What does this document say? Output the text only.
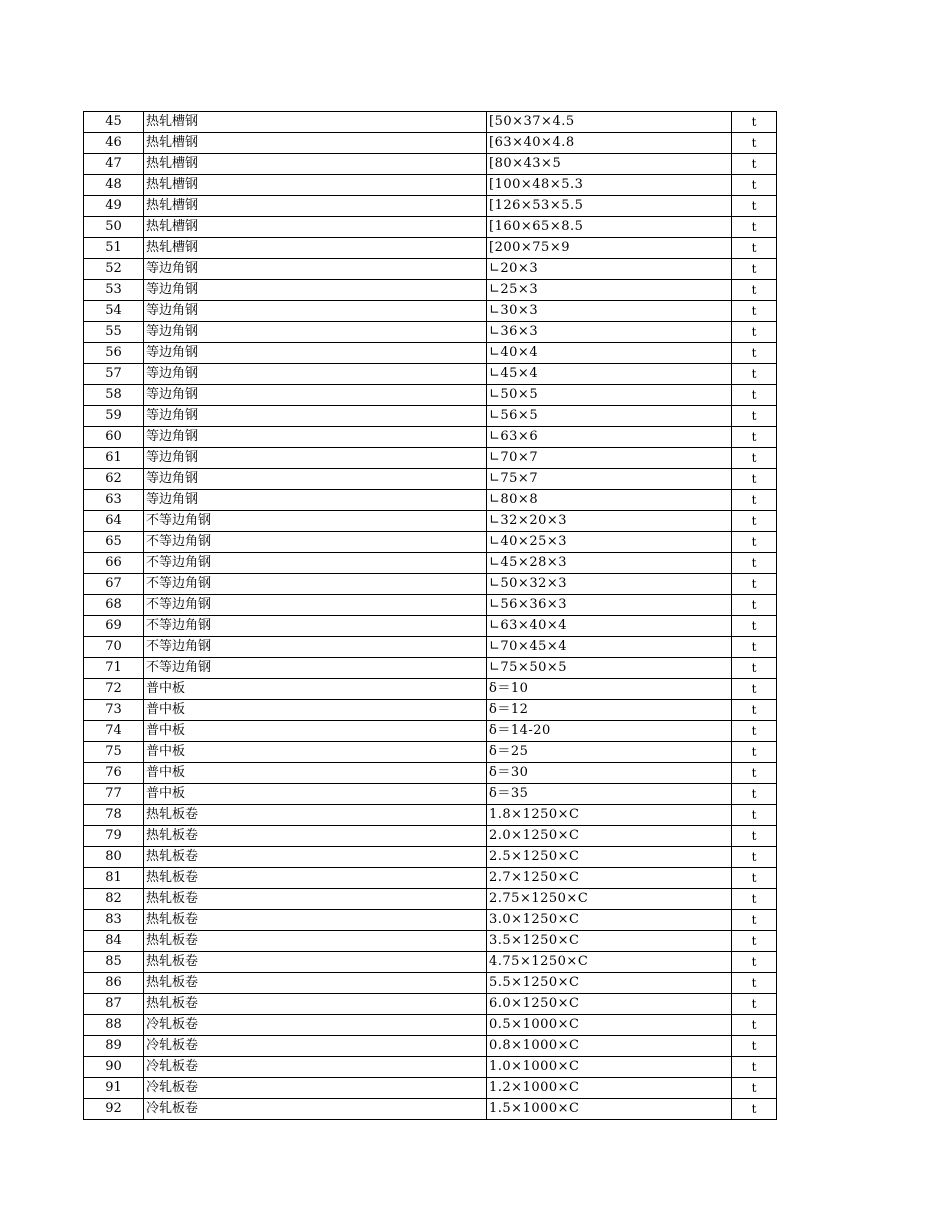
45	热轧槽钢	[50×37×4.5	t
46	热轧槽钢	[63×40×4.8	t
47	热轧槽钢	[80×43×5	t
48	热轧槽钢	[100×48×5.3	t
49	热轧槽钢	[126×53×5.5	t
50	热轧槽钢	[160×65×8.5	t
51	热轧槽钢	[200×75×9	t
52	等边角钢	∟20×3	t
53	等边角钢	∟25×3	t
54	等边角钢	∟30×3	t
55	等边角钢	∟36×3	t
56	等边角钢	∟40×4	t
57	等边角钢	∟45×4	t
58	等边角钢	∟50×5	t
59	等边角钢	∟56×5	t
60	等边角钢	∟63×6	t
61	等边角钢	∟70×7	t
62	等边角钢	∟75×7	t
63	等边角钢	∟80×8	t
64	不等边角钢	∟32×20×3	t
65	不等边角钢	∟40×25×3	t
66	不等边角钢	∟45×28×3	t
67	不等边角钢	∟50×32×3	t
68	不等边角钢	∟56×36×3	t
69	不等边角钢	∟63×40×4	t
70	不等边角钢	∟70×45×4	t
71	不等边角钢	∟75×50×5	t
72	普中板	δ＝10	t
73	普中板	δ＝12	t
74	普中板	δ＝14-20	t
75	普中板	δ＝25	t
76	普中板	δ＝30	t
77	普中板	δ＝35	t
78	热轧板卷	1.8×1250×C	t
79	热轧板卷	2.0×1250×C	t
80	热轧板卷	2.5×1250×C	t
81	热轧板卷	2.7×1250×C	t
82	热轧板卷	2.75×1250×C	t
83	热轧板卷	3.0×1250×C	t
84	热轧板卷	3.5×1250×C	t
85	热轧板卷	4.75×1250×C	t
86	热轧板卷	5.5×1250×C	t
87	热轧板卷	6.0×1250×C	t
88	冷轧板卷	0.5×1000×C	t
89	冷轧板卷	0.8×1000×C	t
90	冷轧板卷	1.0×1000×C	t
91	冷轧板卷	1.2×1000×C	t
92	冷轧板卷	1.5×1000×C	t
